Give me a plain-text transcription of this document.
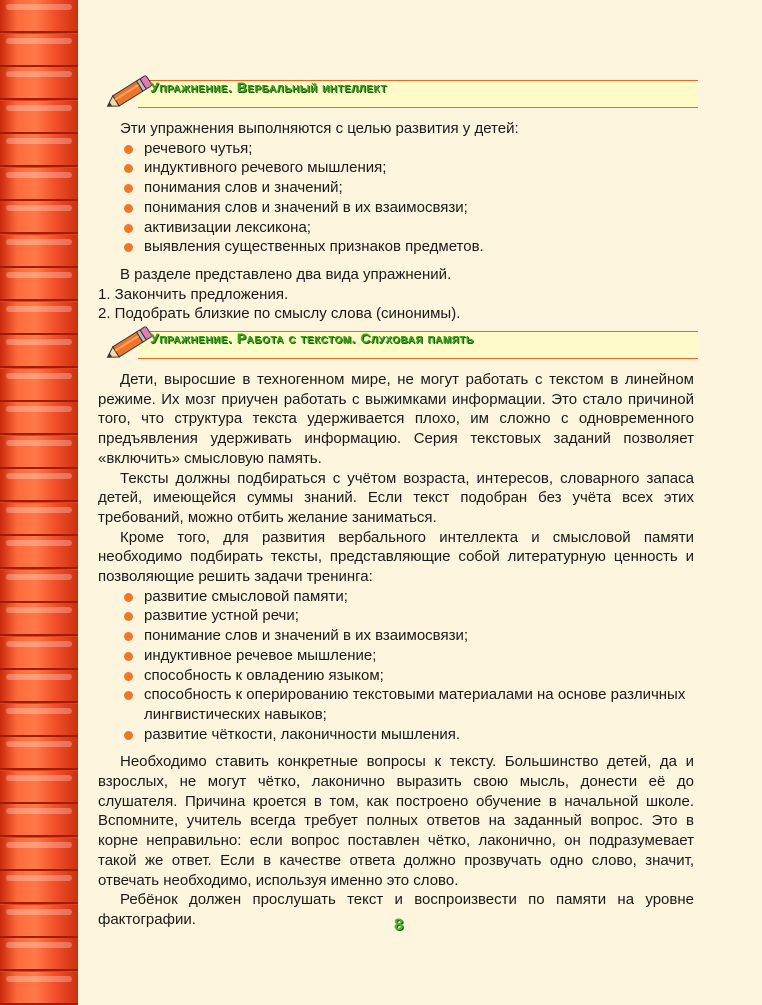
Упражнение. Вербальный интеллект

Эти упражнения выполняются с целью развития у детей:

речевого чутья;
индуктивного речевого мышления;
понимания слов и значений;
понимания слов и значений в их взаимосвязи;
активизации лексикона;
выявления существенных признаков предметов.

В разделе представлено два вида упражнений.

1. Закончить предложения.

2. Подобрать близкие по смыслу слова (синонимы).

Упражнение. Работа с текстом. Слуховая память

Дети, выросшие в техногенном мире, не могут работать с текстом в линейном режиме. Их мозг приучен работать с выжимками информации. Это стало причиной того, что структура текста удерживается плохо, им сложно с одновременного предъявления удерживать информацию. Серия текстовых заданий позволяет «включить» смысловую память.

Тексты должны подбираться с учётом возраста, интересов, словарного запаса детей, имеющейся суммы знаний. Если текст подобран без учёта всех этих требований, можно отбить желание заниматься.

Кроме того, для развития вербального интеллекта и смысловой памяти необходимо подбирать тексты, представляющие собой литературную ценность и позволяющие решить задачи тренинга:

развитие смысловой памяти;
развитие устной речи;
понимание слов и значений в их взаимосвязи;
индуктивное речевое мышление;
способность к овладению языком;
способность к оперированию текстовыми материалами на основе различных лингвистических навыков;
развитие чёткости, лаконичности мышления.

Необходимо ставить конкретные вопросы к тексту. Большинство детей, да и взрослых, не могут чётко, лаконично выразить свою мысль, донести её до слушателя. Причина кроется в том, как построено обучение в начальной школе. Вспомните, учитель всегда требует полных ответов на заданный вопрос. Это в корне неправильно: если вопрос поставлен чётко, лаконично, он подразумевает такой же ответ. Если в качестве ответа должно прозвучать одно слово, значит, отвечать необходимо, используя именно это слово.

Ребёнок должен прослушать текст и воспроизвести по памяти на уровне фактографии.	8
